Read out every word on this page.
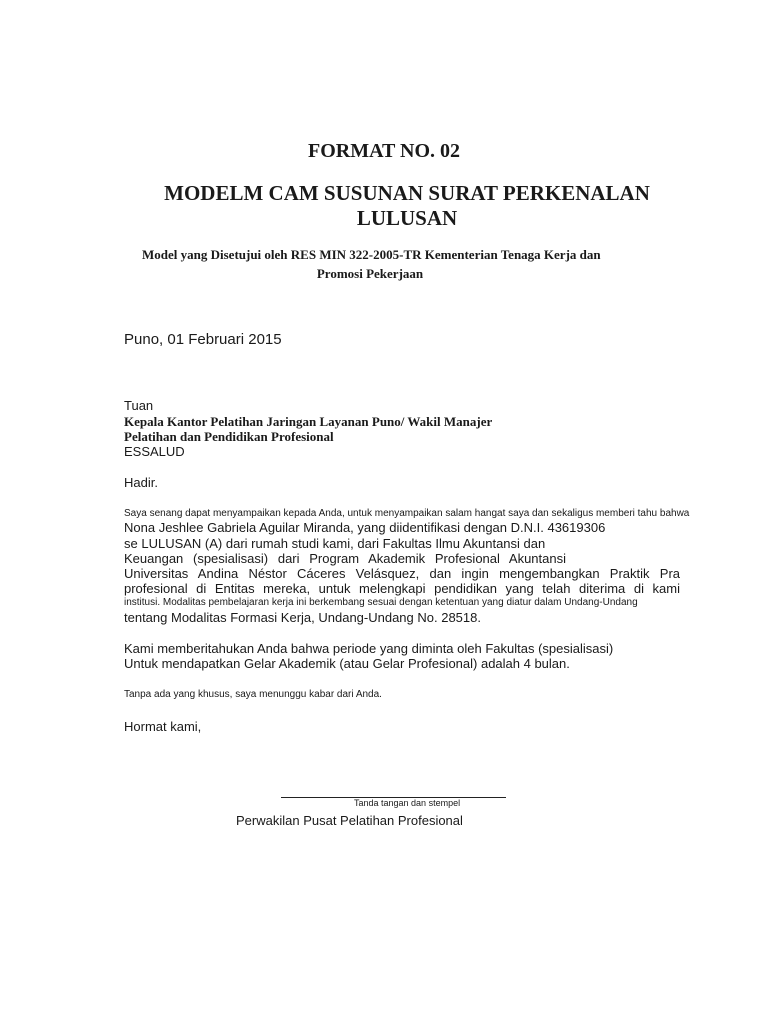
FORMAT NO. 02
MODELM CAM SUSUNAN SURAT PERKENALAN
LULUSAN
Model yang Disetujui oleh RES MIN 322-2005-TR Kementerian Tenaga Kerja dan
Promosi Pekerjaan
Puno, 01 Februari 2015
Tuan
Kepala Kantor Pelatihan Jaringan Layanan Puno/ Wakil Manajer
Pelatihan dan Pendidikan Profesional
ESSALUD
Hadir.
Saya senang dapat menyampaikan kepada Anda, untuk menyampaikan salam hangat saya dan sekaligus memberi tahu bahwa
Nona Jeshlee Gabriela Aguilar Miranda, yang diidentifikasi dengan D.N.I. 43619306
se LULUSAN (A) dari rumah studi kami, dari Fakultas Ilmu Akuntansi dan
Keuangan (spesialisasi) dari Program Akademik Profesional Akuntansi
Universitas Andina Néstor Cáceres Velásquez, dan ingin mengembangkan Praktik Pra
profesional di Entitas mereka, untuk melengkapi pendidikan yang telah diterima di kami
institusi. Modalitas pembelajaran kerja ini berkembang sesuai dengan ketentuan yang diatur dalam Undang-Undang
tentang Modalitas Formasi Kerja, Undang-Undang No. 28518.
Kami memberitahukan Anda bahwa periode yang diminta oleh Fakultas (spesialisasi)
Untuk mendapatkan Gelar Akademik (atau Gelar Profesional) adalah 4 bulan.
Tanpa ada yang khusus, saya menunggu kabar dari Anda.
Hormat kami,
Tanda tangan dan stempel
Perwakilan Pusat Pelatihan Profesional
